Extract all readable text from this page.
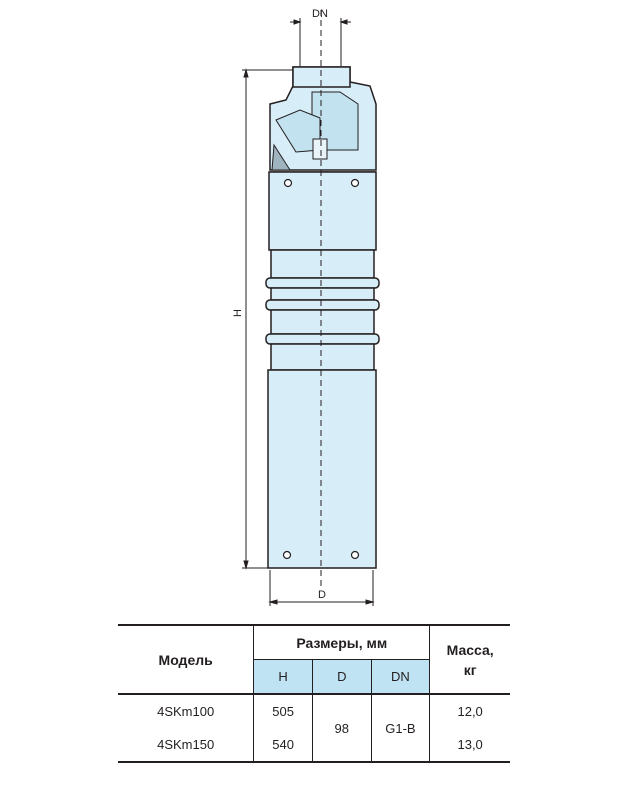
DN
H
D
Модель	Размеры, мм			Масса,
кг
	H	D	DN	
4SKm100	505	98	G1-B	12,0
4SKm150	540			13,0
